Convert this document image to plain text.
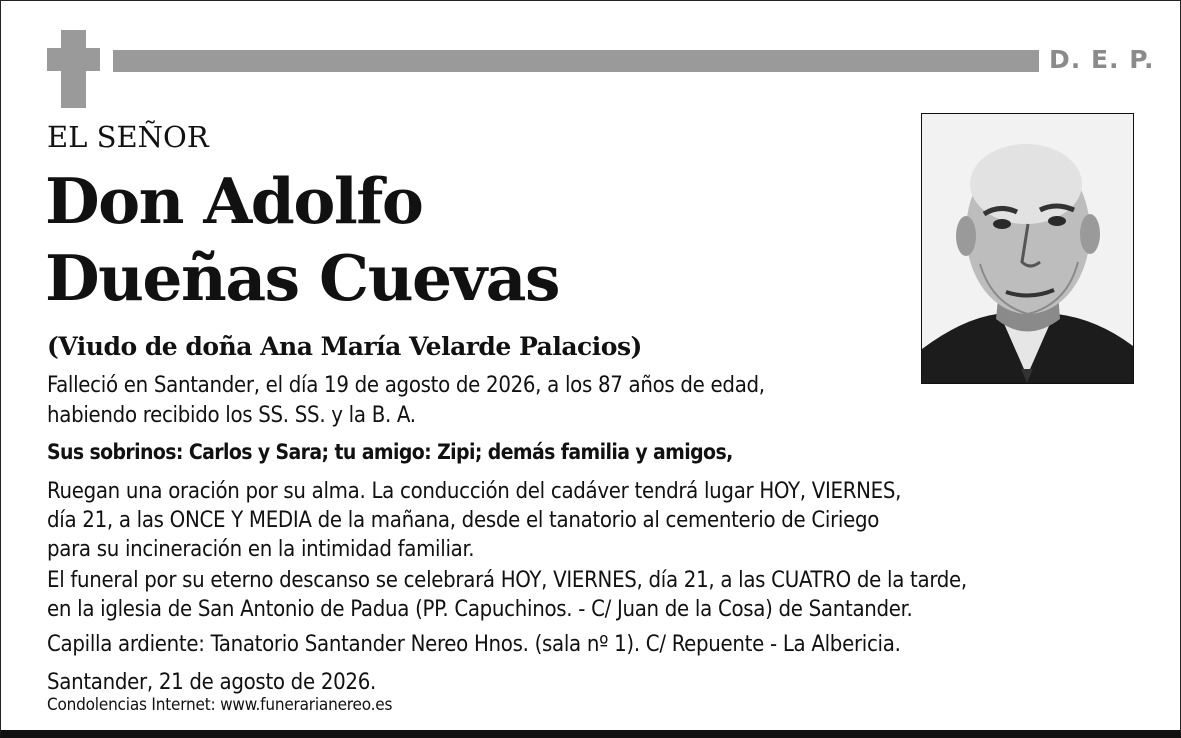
D. E. P.
EL SEÑOR
Don Adolfo
Dueñas Cuevas
(Viudo de doña Ana María Velarde Palacios)
Falleció en Santander, el día 19 de agosto de 2026, a los 87 años de edad,
habiendo recibido los SS. SS. y la B. A.
Sus sobrinos: Carlos y Sara; tu amigo: Zipi; demás familia y amigos,
Ruegan una oración por su alma. La conducción del cadáver tendrá lugar HOY, VIERNES,
día 21, a las ONCE Y MEDIA de la mañana, desde el tanatorio al cementerio de Ciriego
para su incineración en la intimidad familiar.
El funeral por su eterno descanso se celebrará HOY, VIERNES, día 21, a las CUATRO de la tarde,
en la iglesia de San Antonio de Padua (PP. Capuchinos. - C/ Juan de la Cosa) de Santander.
Capilla ardiente: Tanatorio Santander Nereo Hnos. (sala nº 1). C/ Repuente - La Albericia.
Santander, 21 de agosto de 2026.
Condolencias Internet: www.funerarianereo.es
